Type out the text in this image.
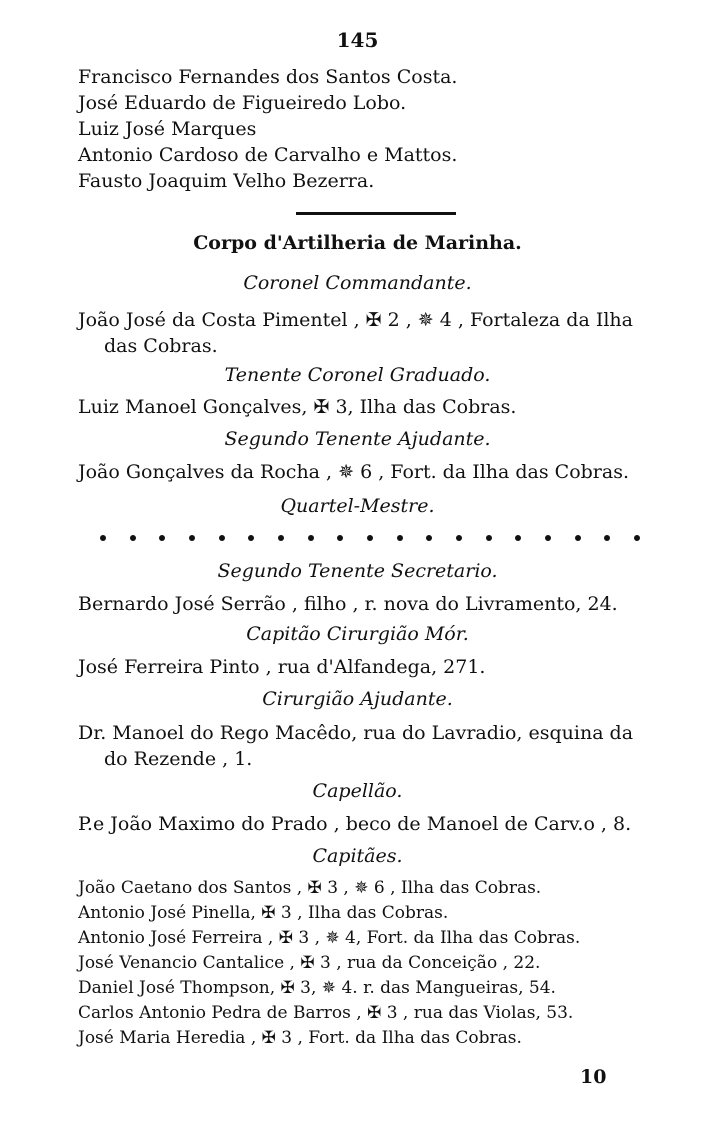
145
Francisco Fernandes dos Santos Costa.
José Eduardo de Figueiredo Lobo.
Luiz José Marques
Antonio Cardoso de Carvalho e Mattos.
Fausto Joaquim Velho Bezerra.
Corpo d'Artilheria de Marinha.
Coronel Commandante.
João José da Costa Pimentel , ✠ 2 , ✵ 4 , Fortaleza da Ilha
das Cobras.
Tenente Coronel Graduado.
Luiz Manoel Gonçalves, ✠ 3, Ilha das Cobras.
Segundo Tenente Ajudante.
João Gonçalves da Rocha , ✵ 6 , Fort. da Ilha das Cobras.
Quartel-Mestre.
Segundo Tenente Secretario.
Bernardo José Serrão , filho , r. nova do Livramento, 24.
Capitão Cirurgião Mór.
José Ferreira Pinto , rua d'Alfandega, 271.
Cirurgião Ajudante.
Dr. Manoel do Rego Macêdo, rua do Lavradio, esquina da
do Rezende , 1.
Capellão.
P.e João Maximo do Prado , beco de Manoel de Carv.o , 8.
Capitães.
João Caetano dos Santos , ✠ 3 , ✵ 6 , Ilha das Cobras.
Antonio José Pinella, ✠ 3 , Ilha das Cobras.
Antonio José Ferreira , ✠ 3 , ✵ 4, Fort. da Ilha das Cobras.
José Venancio Cantalice , ✠ 3 , rua da Conceição , 22.
Daniel José Thompson, ✠ 3, ✵ 4. r. das Mangueiras, 54.
Carlos Antonio Pedra de Barros , ✠ 3 , rua das Violas, 53.
José Maria Heredia , ✠ 3 , Fort. da Ilha das Cobras.
10
